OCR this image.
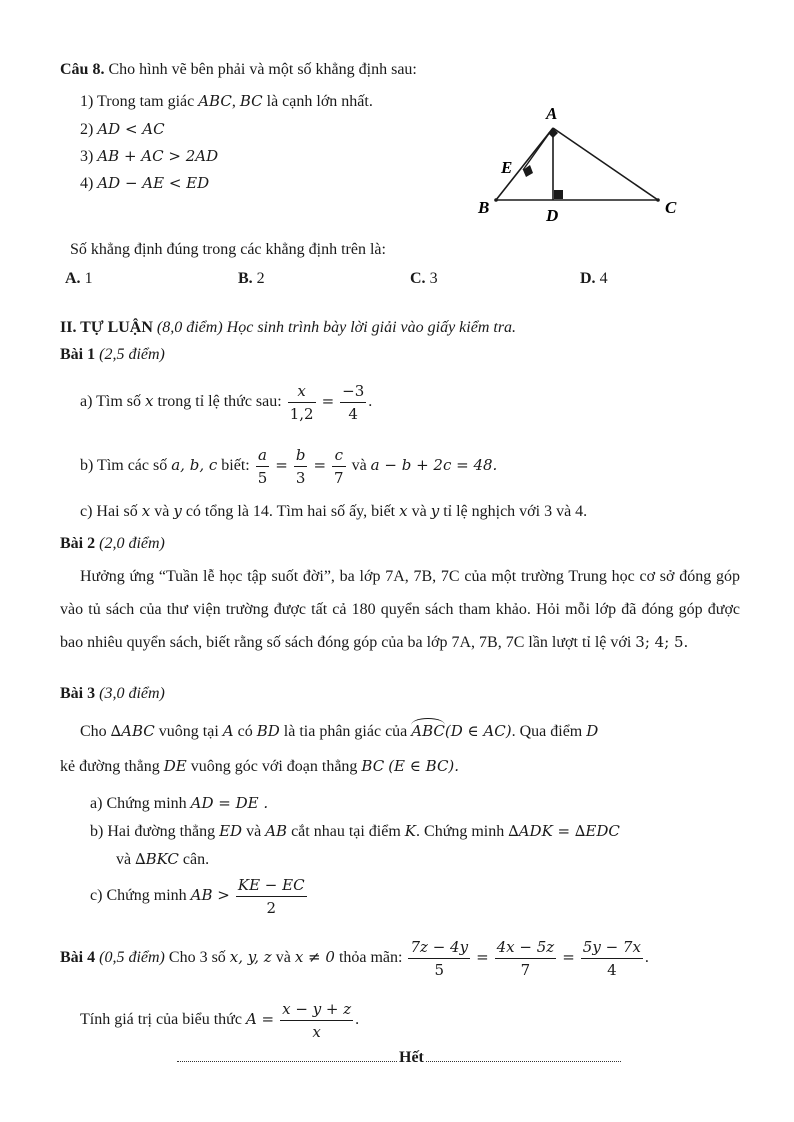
Câu 8. Cho hình vẽ bên phải và một số khẳng định sau:
1) Trong tam giác ABC, BC là cạnh lớn nhất.
2) AD < AC
3) AB + AC > 2AD
4) AD − AE < ED
A
B	C
D
E
Số khẳng định đúng trong các khẳng định trên là:
A. 1	B. 2	C. 3	D. 4
II. TỰ LUẬN (8,0 điểm) Học sinh trình bày lời giải vào giấy kiểm tra.
Bài 1 (2,5 điểm)
a) Tìm số x trong tỉ lệ thức sau: $\frac{x}{1,2} = \frac{-3}{4}$ .
b) Tìm các số a, b, c biết: $\frac{a}{5} = \frac{b}{3} = \frac{c}{7}$ và a − b + 2c = 48.
c) Hai số x và y có tổng là 14. Tìm hai số ấy, biết x và y tỉ lệ nghịch với 3 và 4.
Bài 2 (2,0 điểm)
Hưởng ứng “Tuần lễ học tập suốt đời”, ba lớp 7A, 7B, 7C của một trường Trung học cơ sở đóng góp vào tủ sách của thư viện trường được tất cả 180 quyển sách tham khảo. Hỏi mỗi lớp đã đóng góp được bao nhiêu quyển sách, biết rằng số sách đóng góp của ba lớp 7A, 7B, 7C lần lượt tỉ lệ với 3; 4; 5.
Bài 3 (3,0 điểm)
Cho ∆ABC vuông tại A có BD là tia phân giác của ABC(D ∈ AC). Qua điểm D
kẻ đường thẳng DE vuông góc với đoạn thẳng BC (E ∈ BC).
a) Chứng minh AD = DE .
b) Hai đường thẳng ED và AB cắt nhau tại điểm K. Chứng minh ∆ADK = ∆EDC
và ∆BKC cân.
c) Chứng minh AB > $\frac{KE - EC}{2}$
Bài 4 (0,5 điểm) Cho 3 số x, y, z và x ≠ 0 thỏa mãn: $\frac{7z - 4y}{5} = \frac{4x - 5z}{7} = \frac{5y - 7x}{4}$ .
Tính giá trị của biểu thức $A = \frac{x - y + z}{x}$ .
Hết
